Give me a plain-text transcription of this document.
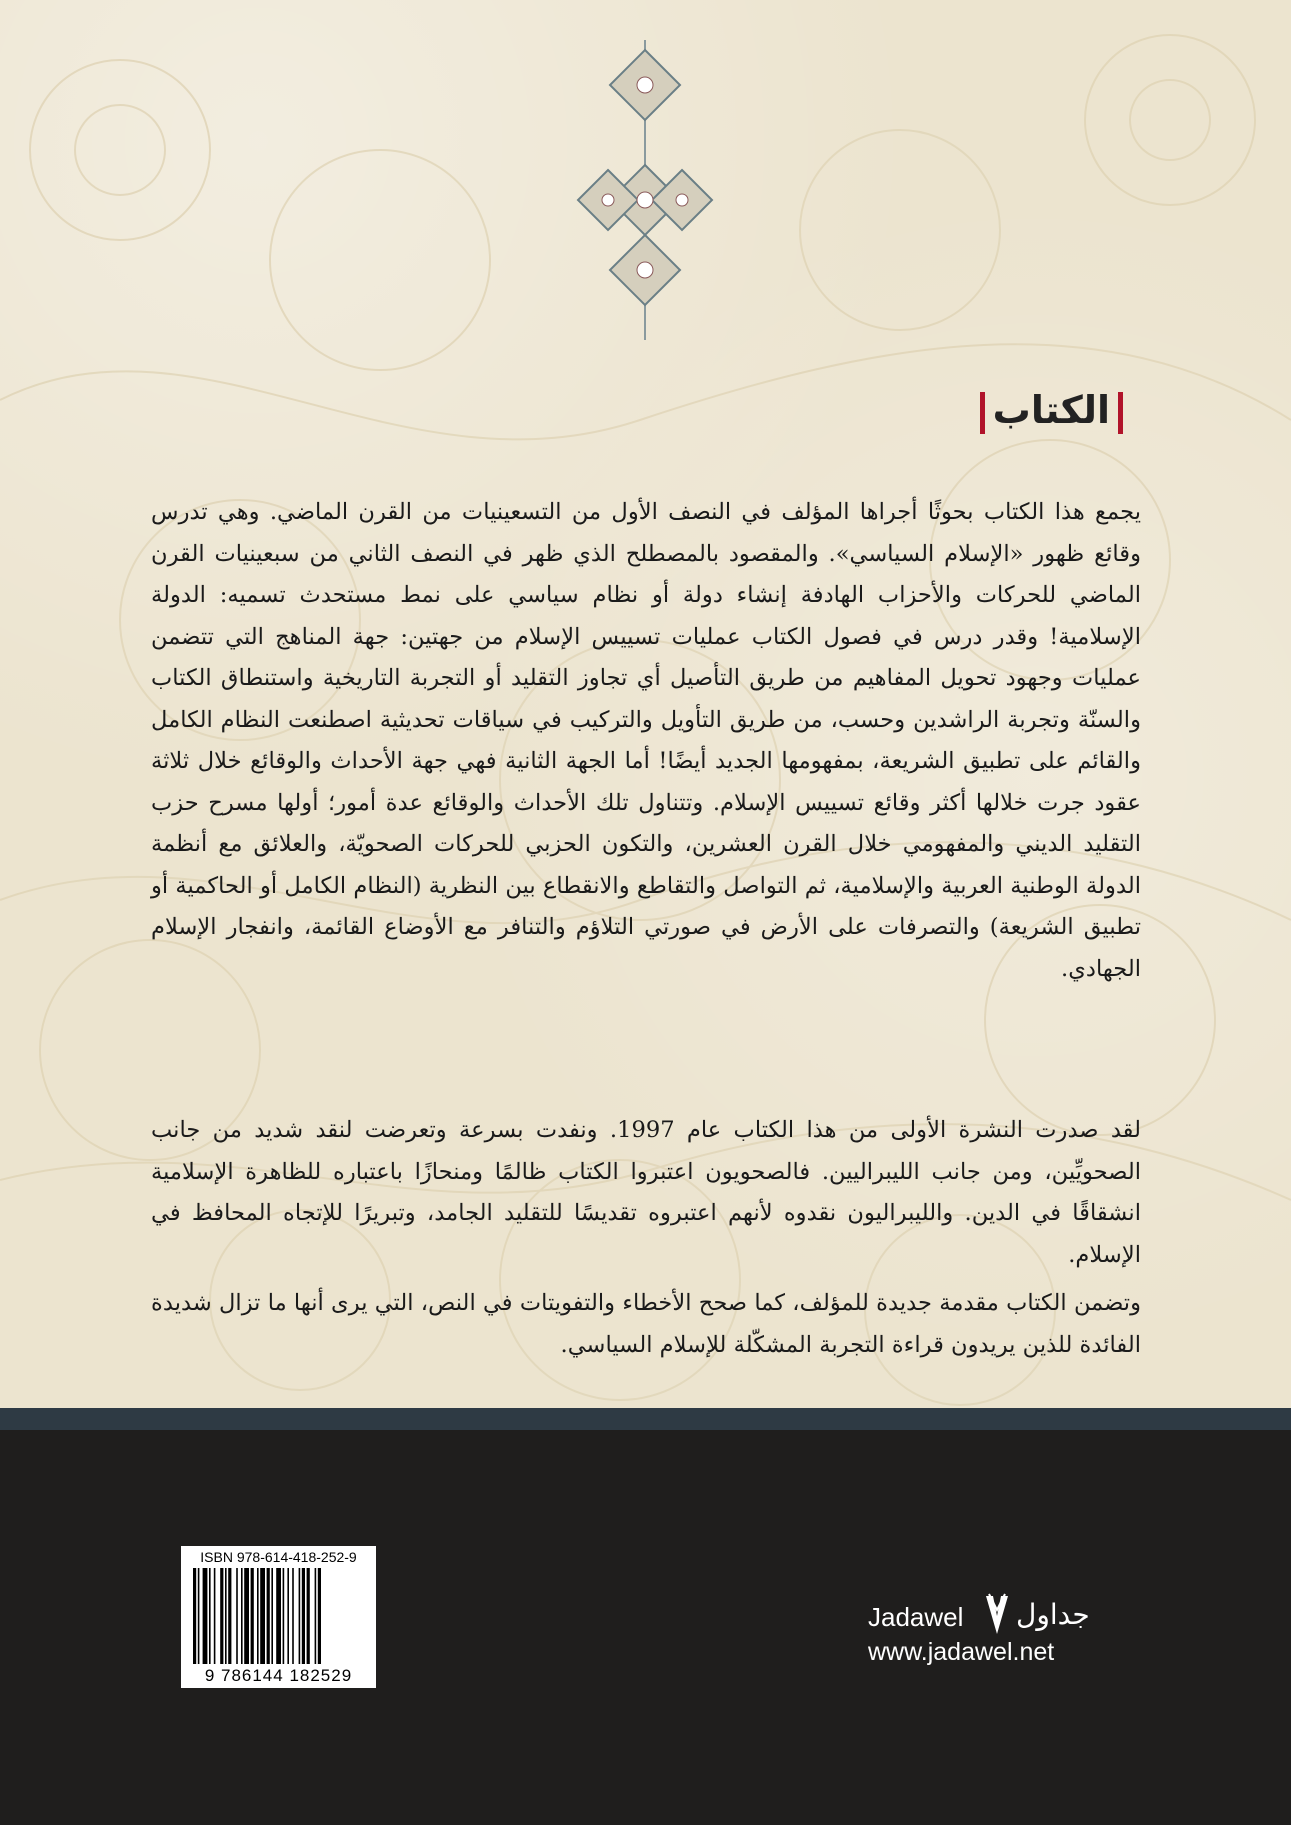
الكتاب
يجمع هذا الكتاب بحوثًا أجراها المؤلف في النصف الأول من التسعينيات من القرن الماضي. وهي تدرس وقائع ظهور «الإسلام السياسي». والمقصود بالمصطلح الذي ظهر في النصف الثاني من سبعينيات القرن الماضي للحركات والأحزاب الهادفة إنشاء دولة أو نظام سياسي على نمط مستحدث تسميه: الدولة الإسلامية! وقدر درس في فصول الكتاب عمليات تسييس الإسلام من جهتين: جهة المناهج التي تتضمن عمليات وجهود تحويل المفاهيم من طريق التأصيل أي تجاوز التقليد أو التجربة التاريخية واستنطاق الكتاب والسنّة وتجربة الراشدين وحسب، من طريق التأويل والتركيب في سياقات تحديثية اصطنعت النظام الكامل والقائم على تطبيق الشريعة، بمفهومها الجديد أيضًا! أما الجهة الثانية فهي جهة الأحداث والوقائع خلال ثلاثة عقود جرت خلالها أكثر وقائع تسييس الإسلام. وتتناول تلك الأحداث والوقائع عدة أمور؛ أولها مسرح حزب التقليد الديني والمفهومي خلال القرن العشرين، والتكون الحزبي للحركات الصحويّة، والعلائق مع أنظمة الدولة الوطنية العربية والإسلامية، ثم التواصل والتقاطع والانقطاع بين النظرية (النظام الكامل أو الحاكمية أو تطبيق الشريعة) والتصرفات على الأرض في صورتي التلاؤم والتنافر مع الأوضاع القائمة، وانفجار الإسلام الجهادي.
لقد صدرت النشرة الأولى من هذا الكتاب عام 1997. ونفدت بسرعة وتعرضت لنقد شديد من جانب الصحويِّين، ومن جانب الليبراليين. فالصحويون اعتبروا الكتاب ظالمًا ومنحازًا باعتباره للظاهرة الإسلامية انشقاقًا في الدين. والليبراليون نقدوه لأنهم اعتبروه تقديسًا للتقليد الجامد، وتبريرًا للإتجاه المحافظ في الإسلام.
وتضمن الكتاب مقدمة جديدة للمؤلف، كما صحح الأخطاء والتفويتات في النص، التي يرى أنها ما تزال شديدة الفائدة للذين يريدون قراءة التجربة المشكّلة للإسلام السياسي.
ISBN 978-614-418-252-9
9 786144 182529
Jadawel جداول
www.jadawel.net
